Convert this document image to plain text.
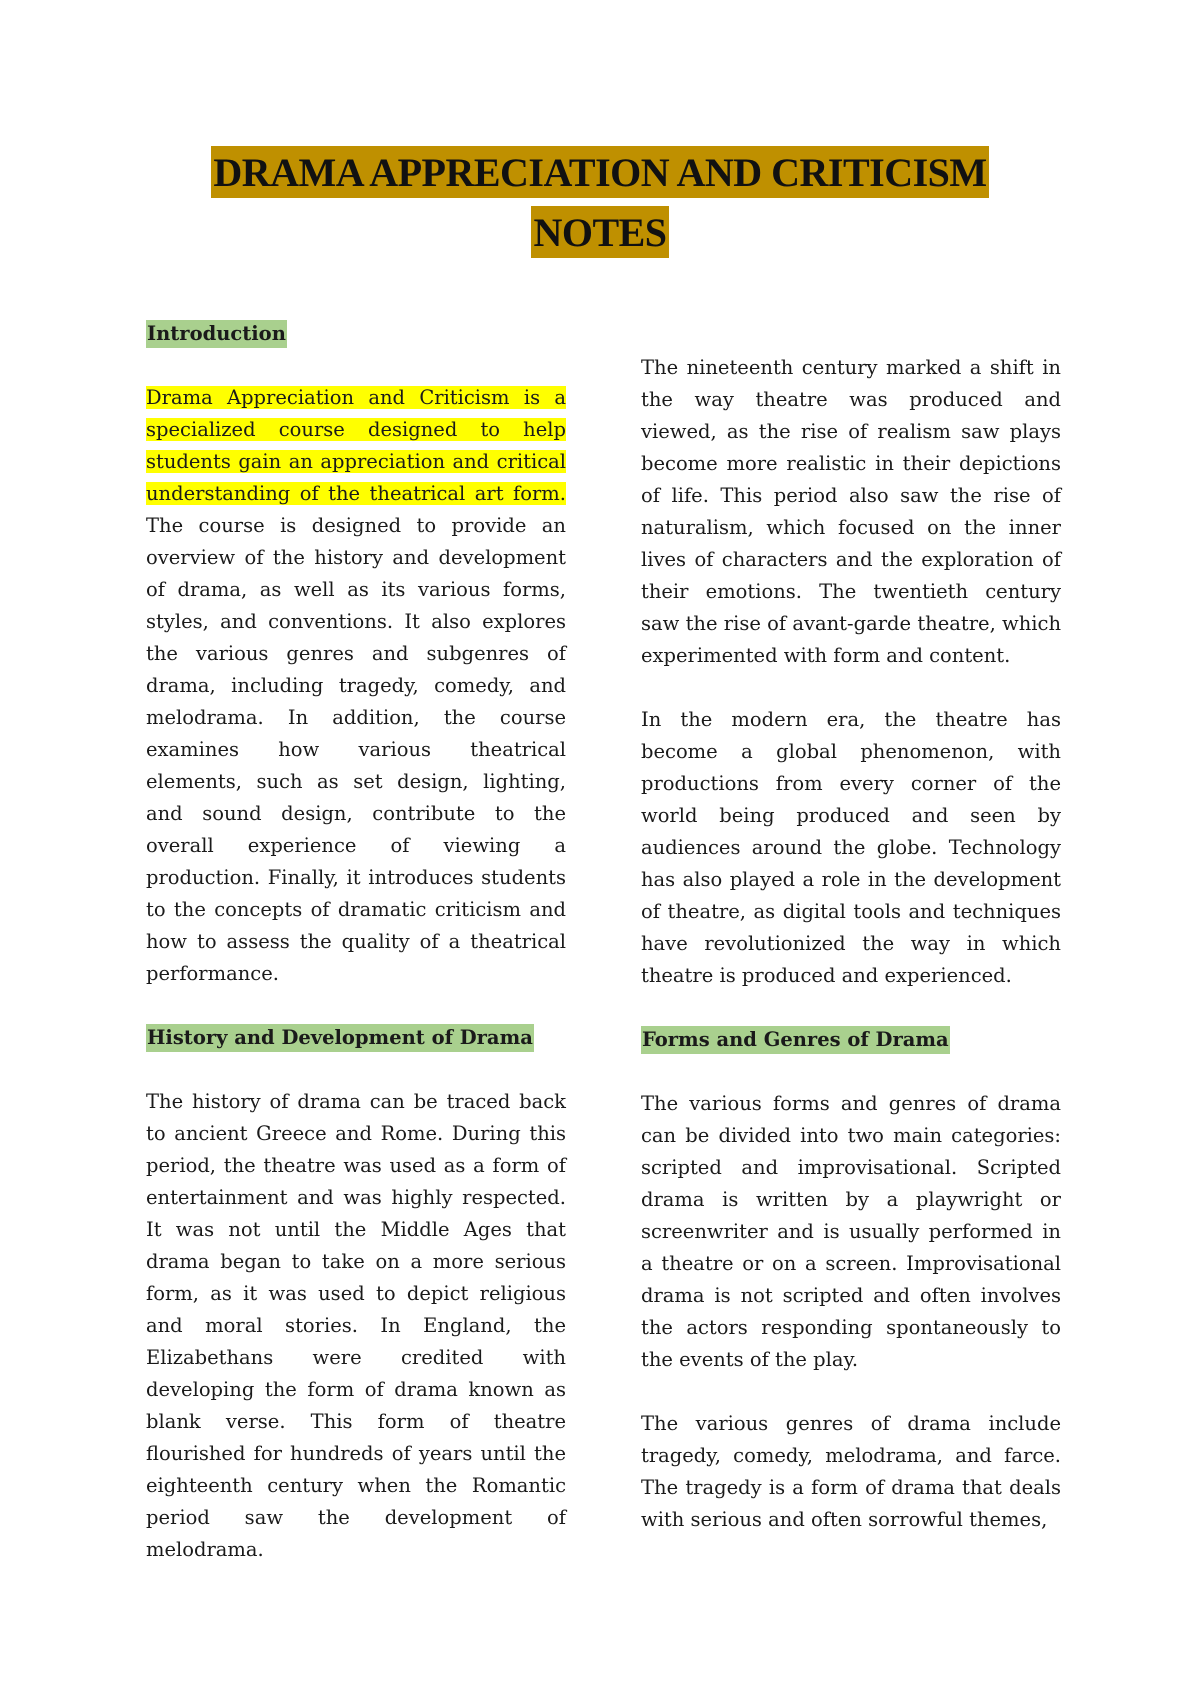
DRAMA APPRECIATION AND CRITICISM
NOTES
Introduction

Drama Appreciation and Criticism is a specialized course designed to help students gain an appreciation and critical understanding of the theatrical art form. The course is designed to provide an overview of the history and development of drama, as well as its various forms, styles, and conventions. It also explores the various genres and subgenres of drama, including tragedy, comedy, and melodrama. In addition, the course examines how various theatrical elements, such as set design, lighting, and sound design, contribute to the overall experience of viewing a production. Finally, it introduces students to the concepts of dramatic criticism and how to assess the quality of a theatrical performance.

History and Development of Drama

The history of drama can be traced back to ancient Greece and Rome. During this period, the theatre was used as a form of entertainment and was highly respected. It was not until the Middle Ages that drama began to take on a more serious form, as it was used to depict religious and moral stories. In England, the Elizabethans were credited with developing the form of drama known as blank verse. This form of theatre flourished for hundreds of years until the eighteenth century when the Romantic period saw the development of melodrama.

The nineteenth century marked a shift in the way theatre was produced and viewed, as the rise of realism saw plays become more realistic in their depictions of life. This period also saw the rise of naturalism, which focused on the inner lives of characters and the exploration of their emotions. The twentieth century saw the rise of avant-garde theatre, which experimented with form and content.

In the modern era, the theatre has become a global phenomenon, with productions from every corner of the world being produced and seen by audiences around the globe. Technology has also played a role in the development of theatre, as digital tools and techniques have revolutionized the way in which theatre is produced and experienced.

Forms and Genres of Drama

The various forms and genres of drama can be divided into two main categories: scripted and improvisational. Scripted drama is written by a playwright or screenwriter and is usually performed in a theatre or on a screen. Improvisational drama is not scripted and often involves the actors responding spontaneously to the events of the play.

The various genres of drama include tragedy, comedy, melodrama, and farce. The tragedy is a form of drama that deals with serious and often sorrowful themes,
